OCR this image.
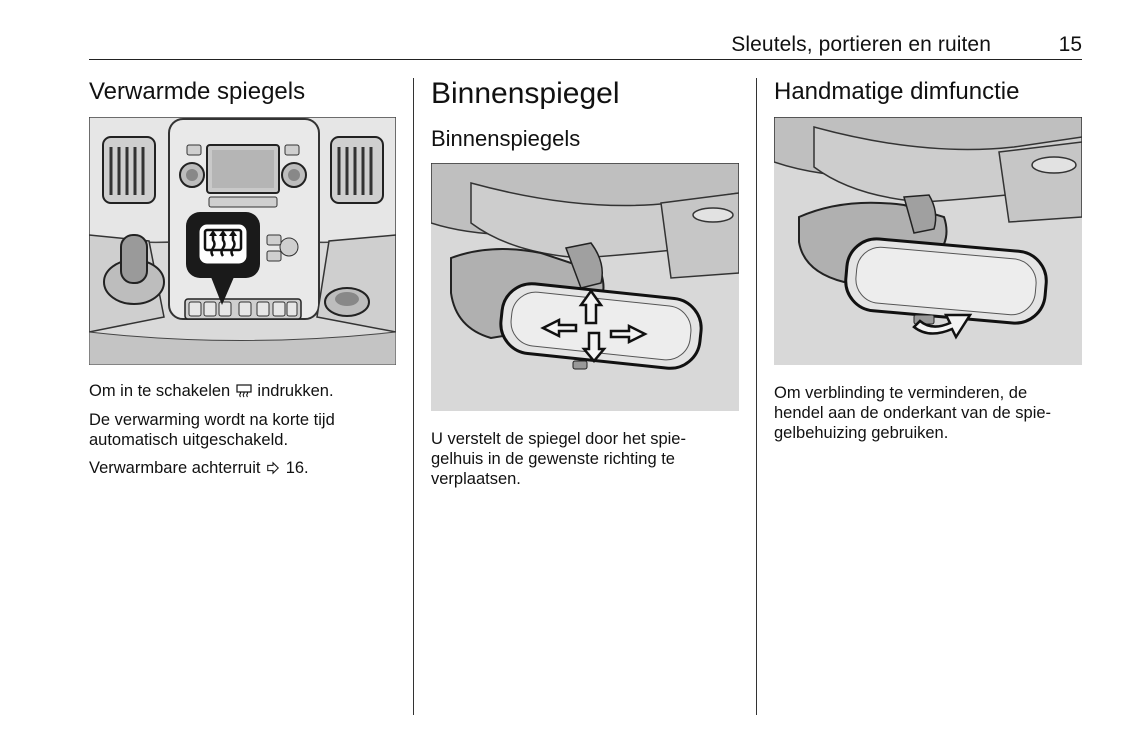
Sleutels, portieren en ruiten	15
Verwarmde spiegels

Om in te schakelen indrukken.

De verwarming wordt na korte tijd
automatisch uitgeschakeld.

Verwarmbare achterruit 16.

Binnenspiegel
Binnenspiegels

U verstelt de spiegel door het spie-
gelhuis in de gewenste richting te
verplaatsen.

Handmatige dimfunctie

Om verblinding te verminderen, de
hendel aan de onderkant van de spie-
gelbehuizing gebruiken.
